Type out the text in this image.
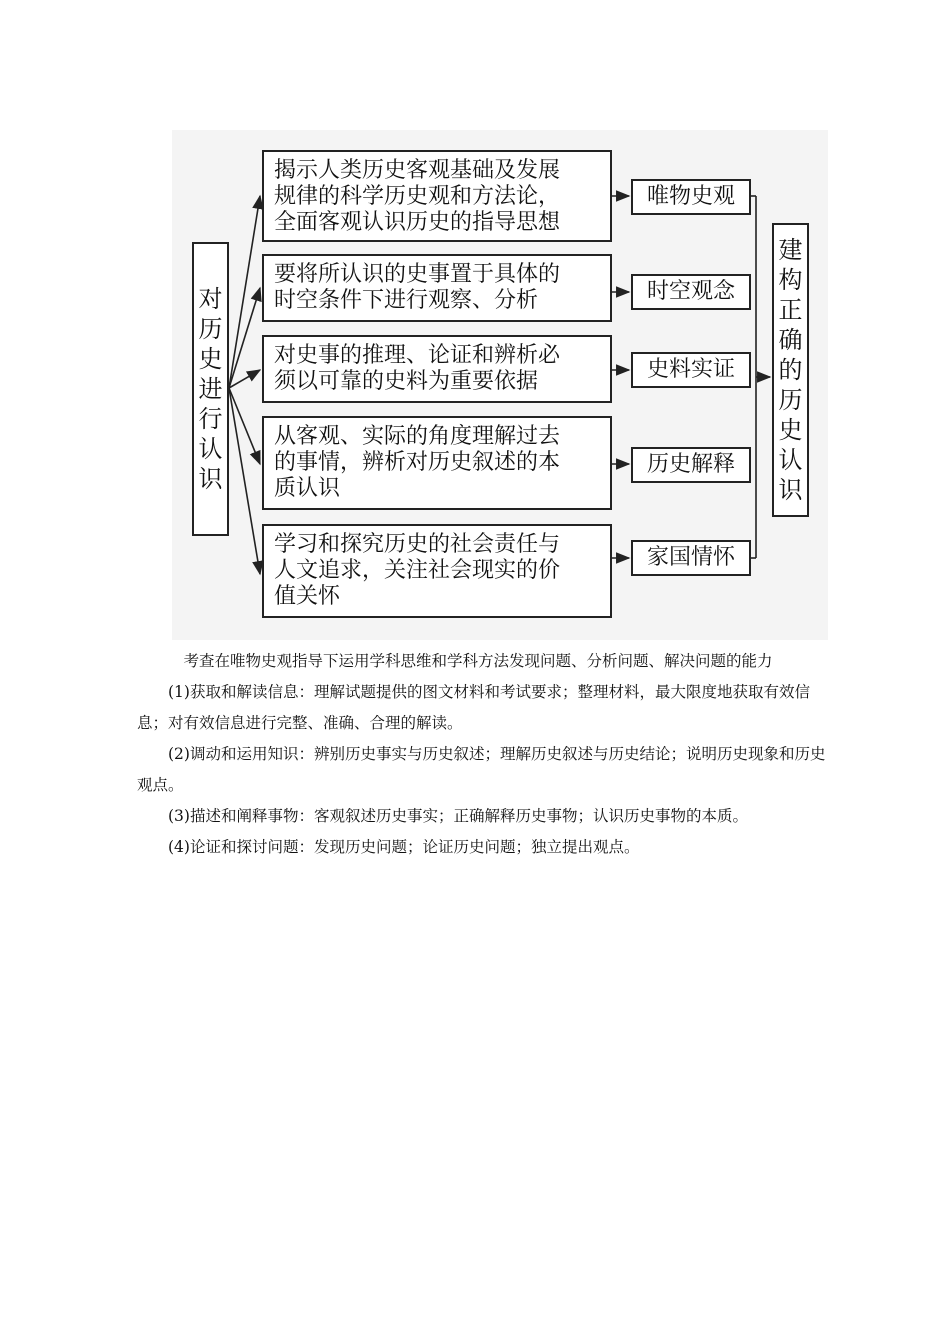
对
历
史
进
行
认
识
揭示人类历史客观基础及发展
规律的科学历史观和方法论，
全面客观认识历史的指导思想
要将所认识的史事置于具体的
时空条件下进行观察、分析
对史事的推理、论证和辨析必
须以可靠的史料为重要依据
从客观、实际的角度理解过去
的事情，辨析对历史叙述的本
质认识
学习和探究历史的社会责任与
人文追求，关注社会现实的价
值关怀
唯物史观
时空观念
史料实证
历史解释
家国情怀
建
构
正
确
的
历
史
认
识

考查在唯物史观指导下运用学科思维和学科方法发现问题、分析问题、解决问题的能力

(1)获取和解读信息：理解试题提供的图文材料和考试要求；整理材料，最大限度地获取有效信息；对有效信息进行完整、准确、合理的解读。

(2)调动和运用知识：辨别历史事实与历史叙述；理解历史叙述与历史结论；说明历史现象和历史观点。

(3)描述和阐释事物：客观叙述历史事实；正确解释历史事物；认识历史事物的本质。

(4)论证和探讨问题：发现历史问题；论证历史问题；独立提出观点。
